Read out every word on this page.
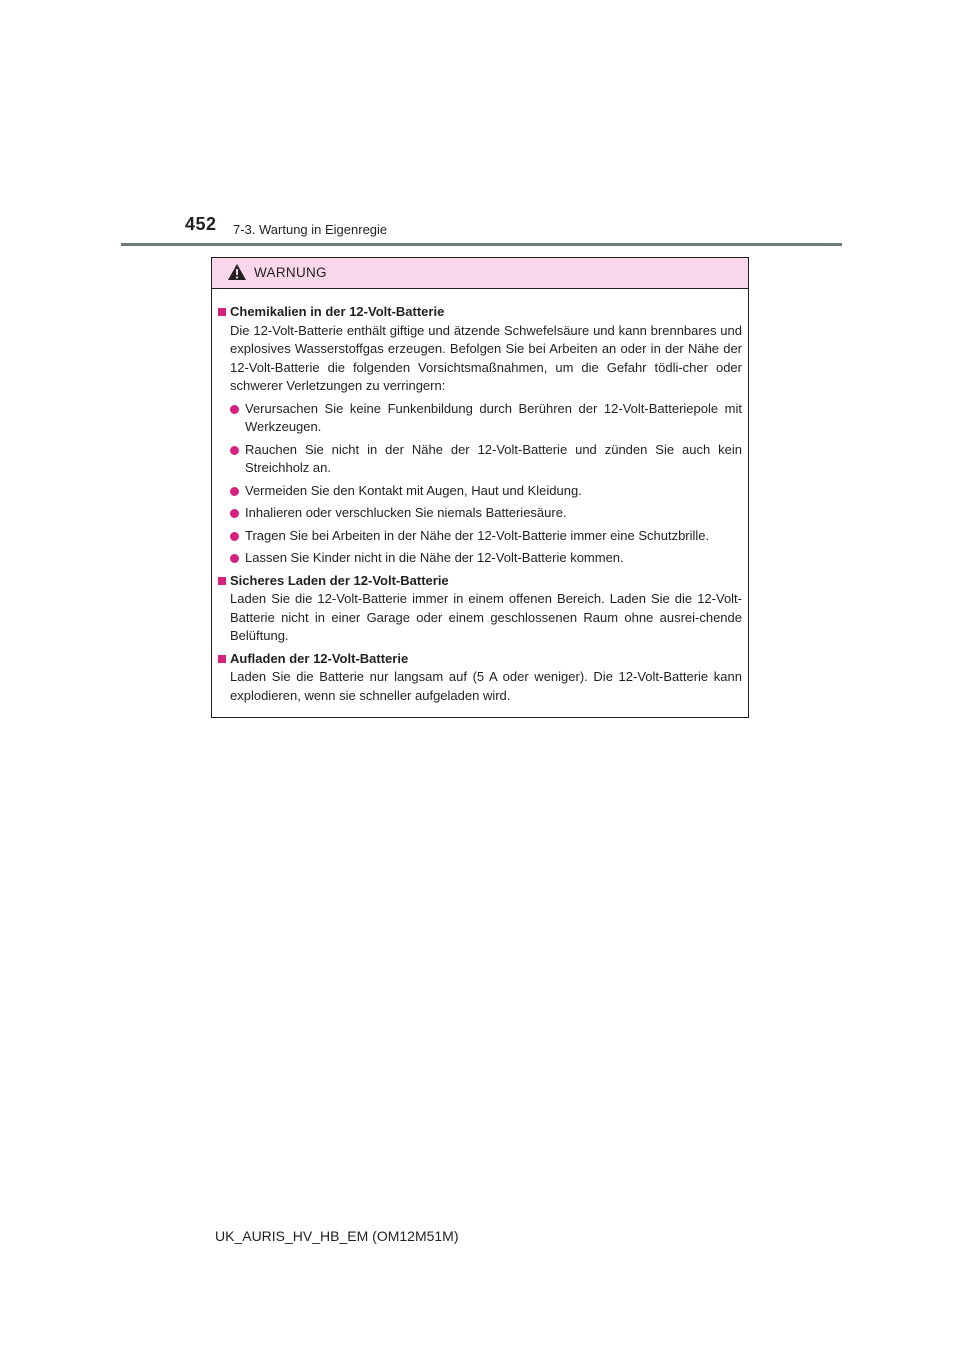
452 7-3. Wartung in Eigenregie
WARNUNG
Chemikalien in der 12-Volt-Batterie

Die 12-Volt-Batterie enthält giftige und ätzende Schwefelsäure und kann brennbares und explosives Wasserstoffgas erzeugen. Befolgen Sie bei Arbeiten an oder in der Nähe der 12-Volt-Batterie die folgenden Vorsichtsmaßnahmen, um die Gefahr tödli-cher oder schwerer Verletzungen zu verringern:

Verursachen Sie keine Funkenbildung durch Berühren der 12-Volt-Batteriepole mit Werkzeugen.
Rauchen Sie nicht in der Nähe der 12-Volt-Batterie und zünden Sie auch kein Streichholz an.
Vermeiden Sie den Kontakt mit Augen, Haut und Kleidung.
Inhalieren oder verschlucken Sie niemals Batteriesäure.
Tragen Sie bei Arbeiten in der Nähe der 12-Volt-Batterie immer eine Schutzbrille.
Lassen Sie Kinder nicht in die Nähe der 12-Volt-Batterie kommen.
Sicheres Laden der 12-Volt-Batterie

Laden Sie die 12-Volt-Batterie immer in einem offenen Bereich. Laden Sie die 12-Volt-Batterie nicht in einer Garage oder einem geschlossenen Raum ohne ausrei-chende Belüftung.

Aufladen der 12-Volt-Batterie

Laden Sie die Batterie nur langsam auf (5 A oder weniger). Die 12-Volt-Batterie kann explodieren, wenn sie schneller aufgeladen wird.

UK_AURIS_HV_HB_EM (OM12M51M)
